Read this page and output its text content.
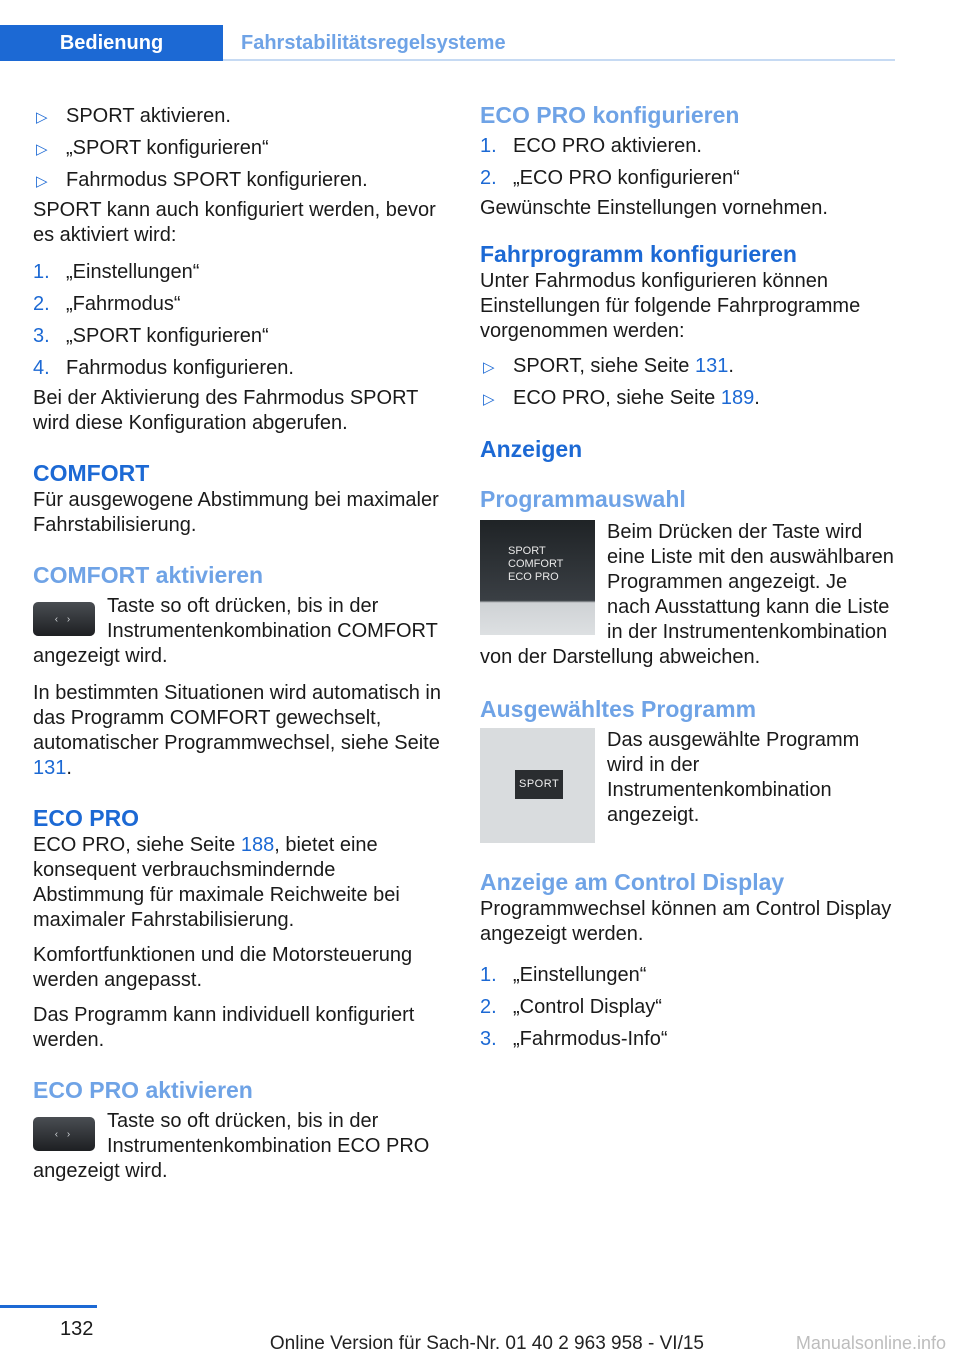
Bedienung	Fahrstabilitätsregelsysteme
▷ SPORT aktivieren.
▷ „SPORT konfigurieren“
▷ Fahrmodus SPORT konfigurieren.

SPORT kann auch konfiguriert werden, bevor es aktiviert wird:

1. „Einstellungen“
2. „Fahrmodus“
3. „SPORT konfigurieren“
4. Fahrmodus konfigurieren.

Bei der Aktivierung des Fahrmodus SPORT wird diese Konfiguration abgerufen.

COMFORT

Für ausgewogene Abstimmung bei maximaler Fahrstabilisierung.

COMFORT aktivieren
‹ ›
Taste so oft drücken, bis in der Instrumentenkombination COMFORT angezeigt wird.

In bestimmten Situationen wird automatisch in das Programm COMFORT gewechselt, automatischer Programmwechsel, siehe Seite 131.

ECO PRO

ECO PRO, siehe Seite 188, bietet eine konsequent verbrauchsmindernde Abstimmung für maximale Reichweite bei maximaler Fahrstabilisierung.

Komfortfunktionen und die Motorsteuerung werden angepasst.

Das Programm kann individuell konfiguriert werden.

ECO PRO aktivieren
‹ ›
Taste so oft drücken, bis in der Instrumentenkombination ECO PRO angezeigt wird.
ECO PRO konfigurieren
1. ECO PRO aktivieren.
2. „ECO PRO konfigurieren“

Gewünschte Einstellungen vornehmen.

Fahrprogramm konfigurieren

Unter Fahrmodus konfigurieren können Einstellungen für folgende Fahrprogramme vorgenommen werden:

▷ SPORT, siehe Seite 131.
▷ ECO PRO, siehe Seite 189.
Anzeigen
Programmauswahl
SPORT
COMFORT
ECO PRO
Beim Drücken der Taste wird eine Liste mit den auswählbaren Programmen angezeigt. Je nach Ausstattung kann die Liste in der Instrumentenkombination von der Darstellung abweichen.
Ausgewähltes Programm
SPORT
Das ausgewählte Programm wird in der Instrumentenkombination angezeigt.
Anzeige am Control Display

Programmwechsel können am Control Display angezeigt werden.

1. „Einstellungen“
2. „Control Display“
3. „Fahrmodus-Info“
132
Online Version für Sach-Nr. 01 40 2 963 958 - VI/15	Manualsonline.info
